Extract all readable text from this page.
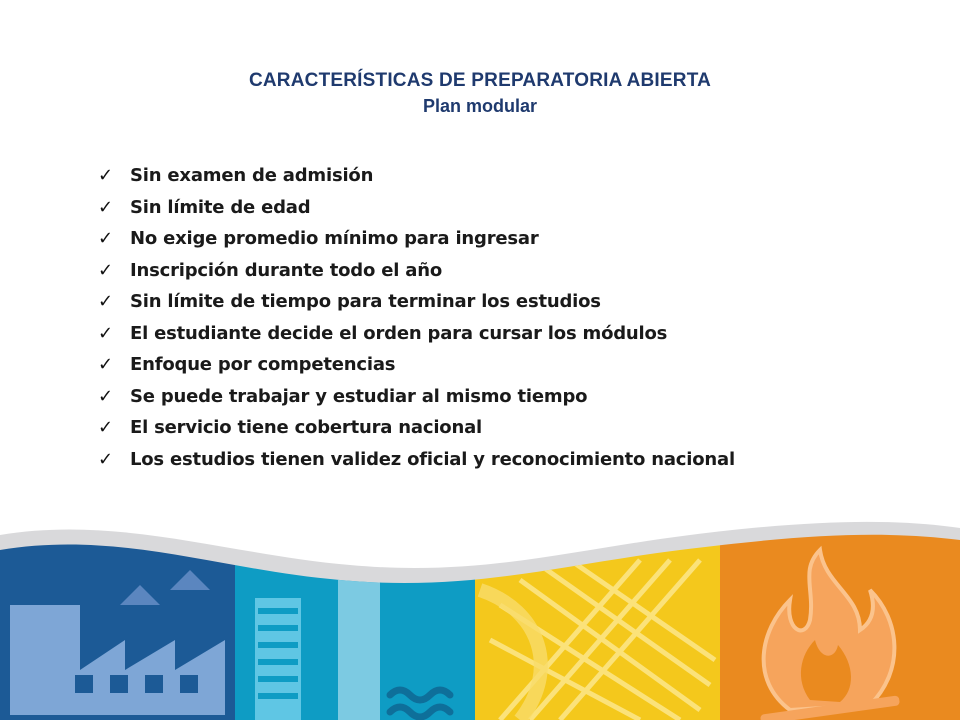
CARACTERÍSTICAS DE PREPARATORIA ABIERTA
Plan modular
✓ Sin examen de admisión
✓ Sin límite de edad
✓ No exige promedio mínimo para ingresar
✓ Inscripción durante todo el año
✓ Sin límite de tiempo para terminar los estudios
✓ El estudiante decide el orden para cursar los módulos
✓ Enfoque por competencias
✓ Se puede trabajar y estudiar al mismo tiempo
✓ El servicio tiene cobertura nacional
✓ Los estudios tienen validez oficial y reconocimiento nacional
